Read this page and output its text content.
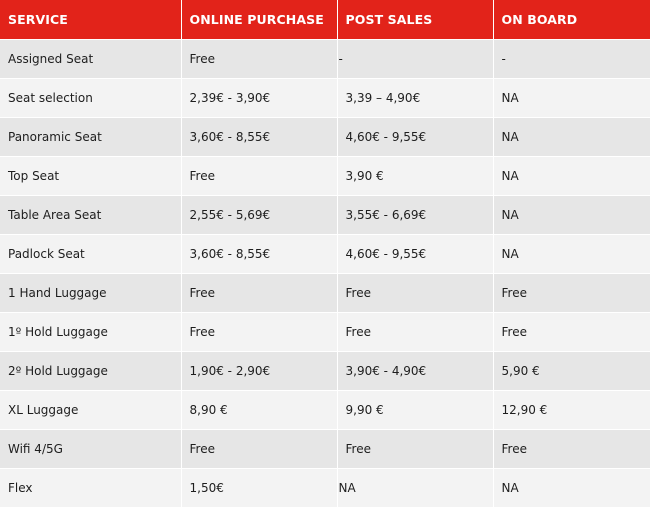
SERVICE	ONLINE PURCHASE	POST SALES	ON BOARD
Assigned Seat	Free	-	-
Seat selection	2,39€ - 3,90€	3,39 – 4,90€	NA
Panoramic Seat	3,60€ - 8,55€	4,60€ - 9,55€	NA
Top Seat	Free	3,90 €	NA
Table Area Seat	2,55€ - 5,69€	3,55€ - 6,69€	NA
Padlock Seat	3,60€ - 8,55€	4,60€ - 9,55€	NA
1 Hand Luggage	Free	Free	Free
1º Hold Luggage	Free	Free	Free
2º Hold Luggage	1,90€ - 2,90€	3,90€ - 4,90€	5,90 €
XL Luggage	8,90 €	9,90 €	12,90 €
Wifi 4/5G	Free	Free	Free
Flex	1,50€	NA	NA
